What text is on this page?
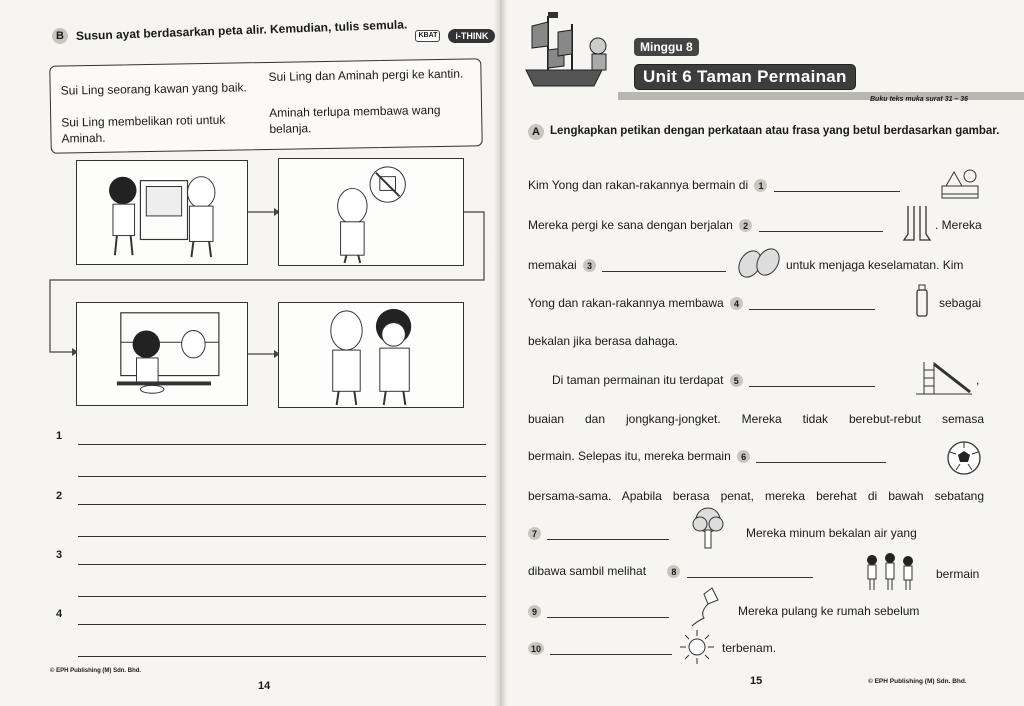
B Susun ayat berdasarkan peta alir. Kemudian, tulis semula.	KBAT	i-THINK
Sui Ling seorang kawan yang baik.
Sui Ling dan Aminah pergi ke kantin.
Sui Ling membelikan roti untuk Aminah.
Aminah terlupa membawa wang belanja.
1
2
3
4
© EPH Publishing (M) Sdn. Bhd.
14
Minggu 8
Unit 6 Taman Permainan
Buku teks muka surat 31 – 36
A Lengkapkan petikan dengan perkataan atau frasa yang betul berdasarkan gambar.
Kim Yong dan rakan-rakannya bermain di 1
Mereka pergi ke sana dengan berjalan 2	. Mereka
memakai 3	untuk menjaga keselamatan. Kim
Yong dan rakan-rakannya membawa 4	sebagai
bekalan jika berasa dahaga.
Di taman permainan itu terdapat 5	,
buaian dan jongkang-jongket. Mereka tidak berebut-rebut semasa
bermain. Selepas itu, mereka bermain 6
bersama-sama. Apabila berasa penat, mereka berehat di bawah sebatang
7	Mereka minum bekalan air yang
dibawa sambil melihat	8	bermain
9	Mereka pulang ke rumah sebelum
10	terbenam.
15	© EPH Publishing (M) Sdn. Bhd.
